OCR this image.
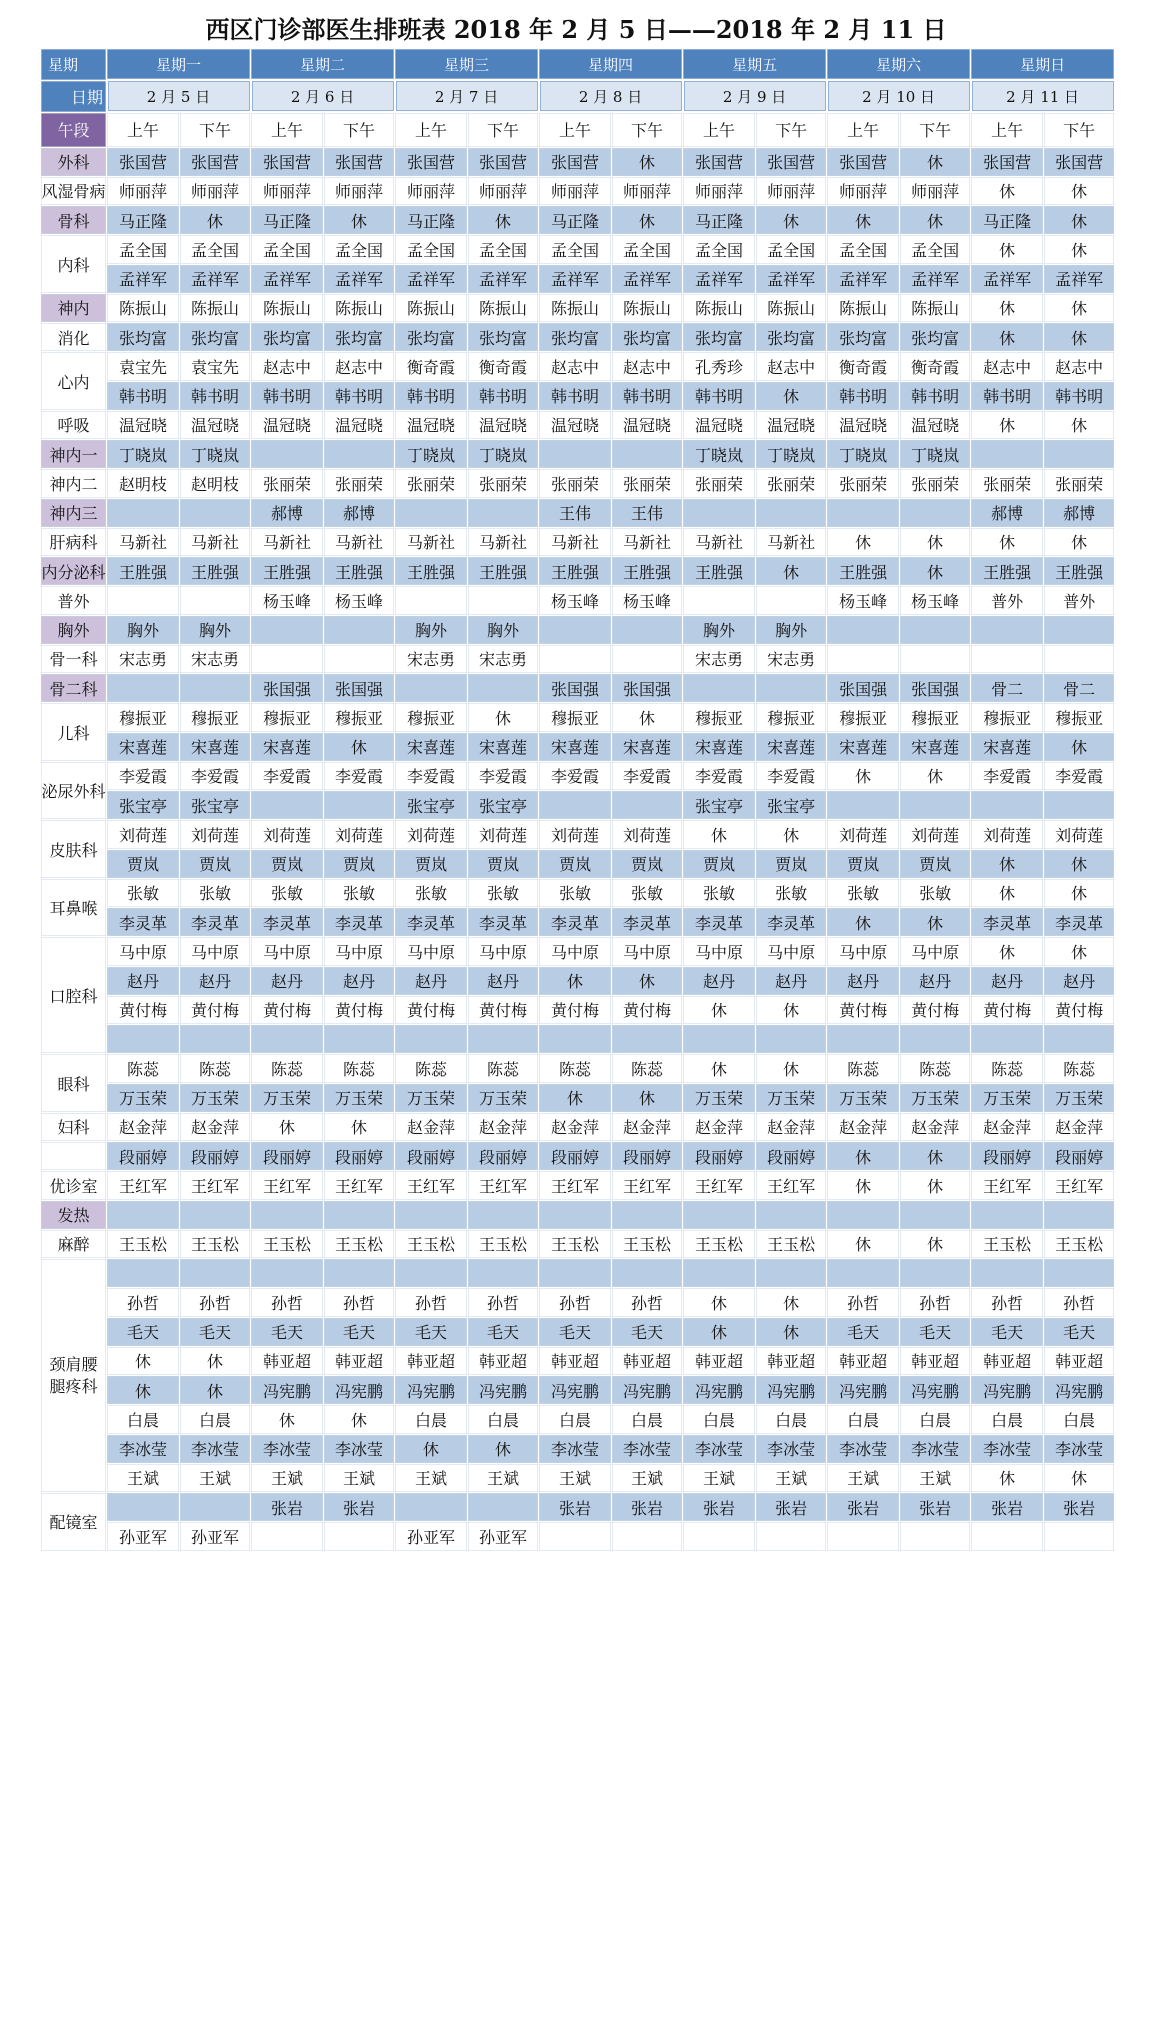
西区门诊部医生排班表 2018 年 2 月 5 日——2018 年 2 月 11 日
星期	星期一		星期二		星期三		星期四		星期五		星期六		星期日	
日期	2 月 5 日		2 月 6 日		2 月 7 日		2 月 8 日		2 月 9 日		2 月 10 日		2 月 11 日	
午段	上午	下午	上午	下午	上午	下午	上午	下午	上午	下午	上午	下午	上午	下午
外科	张国营	张国营	张国营	张国营	张国营	张国营	张国营	休	张国营	张国营	张国营	休	张国营	张国营
风湿骨病	师丽萍	师丽萍	师丽萍	师丽萍	师丽萍	师丽萍	师丽萍	师丽萍	师丽萍	师丽萍	师丽萍	师丽萍	休	休
骨科	马正隆	休	马正隆	休	马正隆	休	马正隆	休	马正隆	休	休	休	马正隆	休
内科	孟全国	孟全国	孟全国	孟全国	孟全国	孟全国	孟全国	孟全国	孟全国	孟全国	孟全国	孟全国	休	休
	孟祥军	孟祥军	孟祥军	孟祥军	孟祥军	孟祥军	孟祥军	孟祥军	孟祥军	孟祥军	孟祥军	孟祥军	孟祥军	孟祥军
神内	陈振山	陈振山	陈振山	陈振山	陈振山	陈振山	陈振山	陈振山	陈振山	陈振山	陈振山	陈振山	休	休
消化	张均富	张均富	张均富	张均富	张均富	张均富	张均富	张均富	张均富	张均富	张均富	张均富	休	休
心内	袁宝先	袁宝先	赵志中	赵志中	衡奇霞	衡奇霞	赵志中	赵志中	孔秀珍	赵志中	衡奇霞	衡奇霞	赵志中	赵志中
	韩书明	韩书明	韩书明	韩书明	韩书明	韩书明	韩书明	韩书明	韩书明	休	韩书明	韩书明	韩书明	韩书明
呼吸	温冠晓	温冠晓	温冠晓	温冠晓	温冠晓	温冠晓	温冠晓	温冠晓	温冠晓	温冠晓	温冠晓	温冠晓	休	休
神内一	丁晓岚	丁晓岚			丁晓岚	丁晓岚			丁晓岚	丁晓岚	丁晓岚	丁晓岚		
神内二	赵明枝	赵明枝	张丽荣	张丽荣	张丽荣	张丽荣	张丽荣	张丽荣	张丽荣	张丽荣	张丽荣	张丽荣	张丽荣	张丽荣
神内三			郝博	郝博			王伟	王伟					郝博	郝博
肝病科	马新社	马新社	马新社	马新社	马新社	马新社	马新社	马新社	马新社	马新社	休	休	休	休
内分泌科	王胜强	王胜强	王胜强	王胜强	王胜强	王胜强	王胜强	王胜强	王胜强	休	王胜强	休	王胜强	王胜强
普外			杨玉峰	杨玉峰			杨玉峰	杨玉峰			杨玉峰	杨玉峰	普外	普外
胸外	胸外	胸外			胸外	胸外			胸外	胸外				
骨一科	宋志勇	宋志勇			宋志勇	宋志勇			宋志勇	宋志勇				
骨二科			张国强	张国强			张国强	张国强			张国强	张国强	骨二	骨二
儿科	穆振亚	穆振亚	穆振亚	穆振亚	穆振亚	休	穆振亚	休	穆振亚	穆振亚	穆振亚	穆振亚	穆振亚	穆振亚
	宋喜莲	宋喜莲	宋喜莲	休	宋喜莲	宋喜莲	宋喜莲	宋喜莲	宋喜莲	宋喜莲	宋喜莲	宋喜莲	宋喜莲	休
泌尿外科	李爱霞	李爱霞	李爱霞	李爱霞	李爱霞	李爱霞	李爱霞	李爱霞	李爱霞	李爱霞	休	休	李爱霞	李爱霞
	张宝亭	张宝亭			张宝亭	张宝亭			张宝亭	张宝亭				
皮肤科	刘荷莲	刘荷莲	刘荷莲	刘荷莲	刘荷莲	刘荷莲	刘荷莲	刘荷莲	休	休	刘荷莲	刘荷莲	刘荷莲	刘荷莲
	贾岚	贾岚	贾岚	贾岚	贾岚	贾岚	贾岚	贾岚	贾岚	贾岚	贾岚	贾岚	休	休
耳鼻喉	张敏	张敏	张敏	张敏	张敏	张敏	张敏	张敏	张敏	张敏	张敏	张敏	休	休
	李灵革	李灵革	李灵革	李灵革	李灵革	李灵革	李灵革	李灵革	李灵革	李灵革	休	休	李灵革	李灵革
口腔科	马中原	马中原	马中原	马中原	马中原	马中原	马中原	马中原	马中原	马中原	马中原	马中原	休	休
	赵丹	赵丹	赵丹	赵丹	赵丹	赵丹	休	休	赵丹	赵丹	赵丹	赵丹	赵丹	赵丹
	黄付梅	黄付梅	黄付梅	黄付梅	黄付梅	黄付梅	黄付梅	黄付梅	休	休	黄付梅	黄付梅	黄付梅	黄付梅

眼科	陈蕊	陈蕊	陈蕊	陈蕊	陈蕊	陈蕊	陈蕊	陈蕊	休	休	陈蕊	陈蕊	陈蕊	陈蕊
	万玉荣	万玉荣	万玉荣	万玉荣	万玉荣	万玉荣	休	休	万玉荣	万玉荣	万玉荣	万玉荣	万玉荣	万玉荣
妇科	赵金萍	赵金萍	休	休	赵金萍	赵金萍	赵金萍	赵金萍	赵金萍	赵金萍	赵金萍	赵金萍	赵金萍	赵金萍
	段丽婷	段丽婷	段丽婷	段丽婷	段丽婷	段丽婷	段丽婷	段丽婷	段丽婷	段丽婷	休	休	段丽婷	段丽婷
优诊室	王红军	王红军	王红军	王红军	王红军	王红军	王红军	王红军	王红军	王红军	休	休	王红军	王红军
发热														
麻醉	王玉松	王玉松	王玉松	王玉松	王玉松	王玉松	王玉松	王玉松	王玉松	王玉松	休	休	王玉松	王玉松
颈肩腰腿疼科														
	孙哲	孙哲	孙哲	孙哲	孙哲	孙哲	孙哲	孙哲	休	休	孙哲	孙哲	孙哲	孙哲
	毛天	毛天	毛天	毛天	毛天	毛天	毛天	毛天	休	休	毛天	毛天	毛天	毛天
	休	休	韩亚超	韩亚超	韩亚超	韩亚超	韩亚超	韩亚超	韩亚超	韩亚超	韩亚超	韩亚超	韩亚超	韩亚超
	休	休	冯宪鹏	冯宪鹏	冯宪鹏	冯宪鹏	冯宪鹏	冯宪鹏	冯宪鹏	冯宪鹏	冯宪鹏	冯宪鹏	冯宪鹏	冯宪鹏
	白晨	白晨	休	休	白晨	白晨	白晨	白晨	白晨	白晨	白晨	白晨	白晨	白晨
	李冰莹	李冰莹	李冰莹	李冰莹	休	休	李冰莹	李冰莹	李冰莹	李冰莹	李冰莹	李冰莹	李冰莹	李冰莹
	王斌	王斌	王斌	王斌	王斌	王斌	王斌	王斌	王斌	王斌	王斌	王斌	休	休
配镜室			张岩	张岩			张岩	张岩	张岩	张岩	张岩	张岩	张岩	张岩
	孙亚军	孙亚军			孙亚军	孙亚军								
